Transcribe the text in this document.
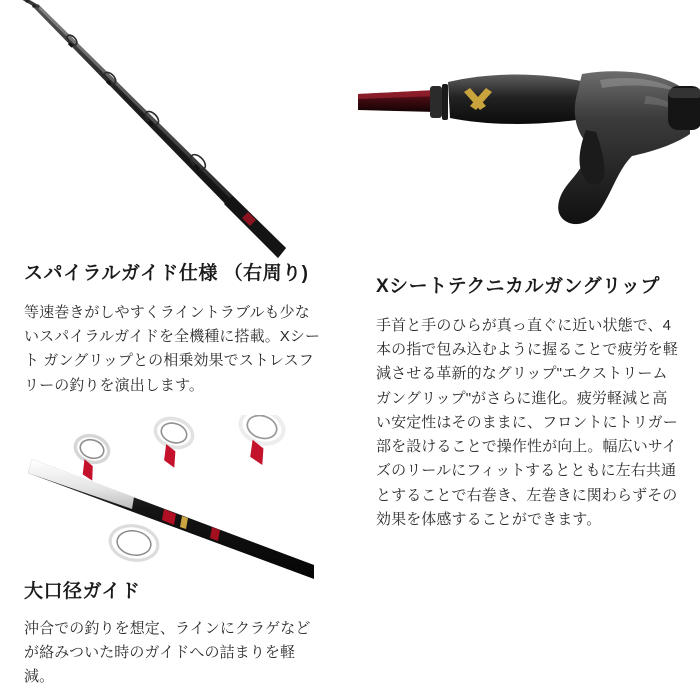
スパイラルガイド仕様 （右周り)
等速巻きがしやすくライントラブルも少ないスパイラルガイドを全機種に搭載。Xシート ガングリップとの相乗効果でストレスフリーの釣りを演出します。
大口径ガイド
沖合での釣りを想定、ラインにクラゲなどが絡みついた時のガイドへの詰まりを軽減。
Xシートテクニカルガングリップ
手首と手のひらが真っ直ぐに近い状態で、4本の指で包み込むように握ることで疲労を軽減させる革新的なグリップ"エクストリームガングリップ"がさらに進化。疲労軽減と高い安定性はそのままに、フロントにトリガー部を設けることで操作性が向上。幅広いサイズのリールにフィットするとともに左右共通とすることで右巻き、左巻きに関わらずその効果を体感することができます。
